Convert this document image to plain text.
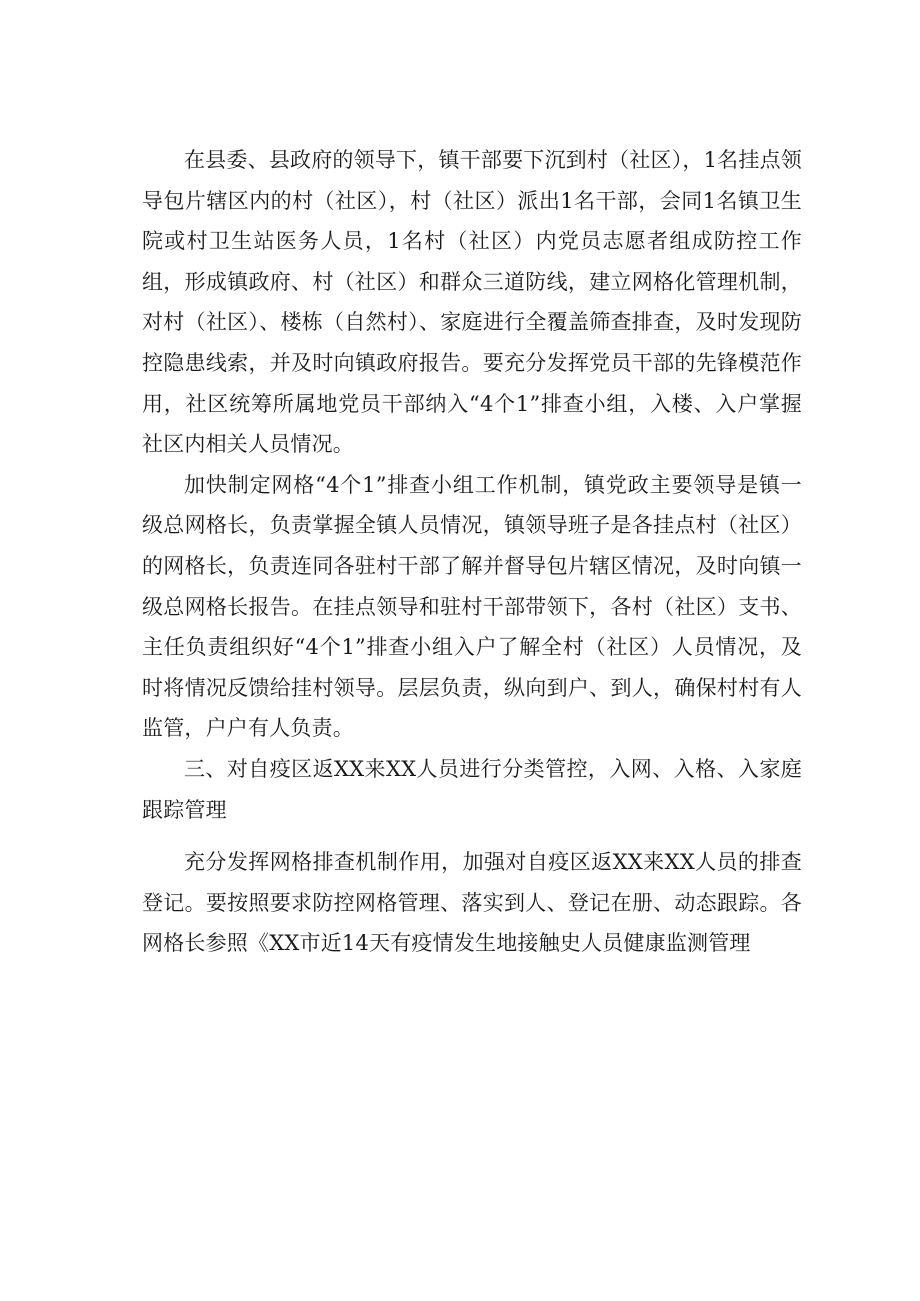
在县委、县政府的领导下，镇干部要下沉到村（社区），1名挂点领导包片辖区内的村（社区），村（社区）派出1名干部，会同1名镇卫生院或村卫生站医务人员，1名村（社区）内党员志愿者组成防控工作组，形成镇政府、村（社区）和群众三道防线，建立网格化管理机制，对村（社区）、楼栋（自然村）、家庭进行全覆盖筛查排查，及时发现防控隐患线索，并及时向镇政府报告。要充分发挥党员干部的先锋模范作用，社区统筹所属地党员干部纳入“4个1”排查小组，入楼、入户掌握社区内相关人员情况。

加快制定网格“4个1”排查小组工作机制，镇党政主要领导是镇一级总网格长，负责掌握全镇人员情况，镇领导班子是各挂点村（社区）的网格长，负责连同各驻村干部了解并督导包片辖区情况，及时向镇一级总网格长报告。在挂点领导和驻村干部带领下，各村（社区）支书、主任负责组织好“4个1”排查小组入户了解全村（社区）人员情况，及时将情况反馈给挂村领导。层层负责，纵向到户、到人，确保村村有人监管，户户有人负责。

三、对自疫区返XX来XX人员进行分类管控，入网、入格、入家庭跟踪管理

充分发挥网格排查机制作用，加强对自疫区返XX来XX人员的排查登记。要按照要求防控网格管理、落实到人、登记在册、动态跟踪。各网格长参照《XX市近14天有疫情发生地接触史人员健康监测管理
